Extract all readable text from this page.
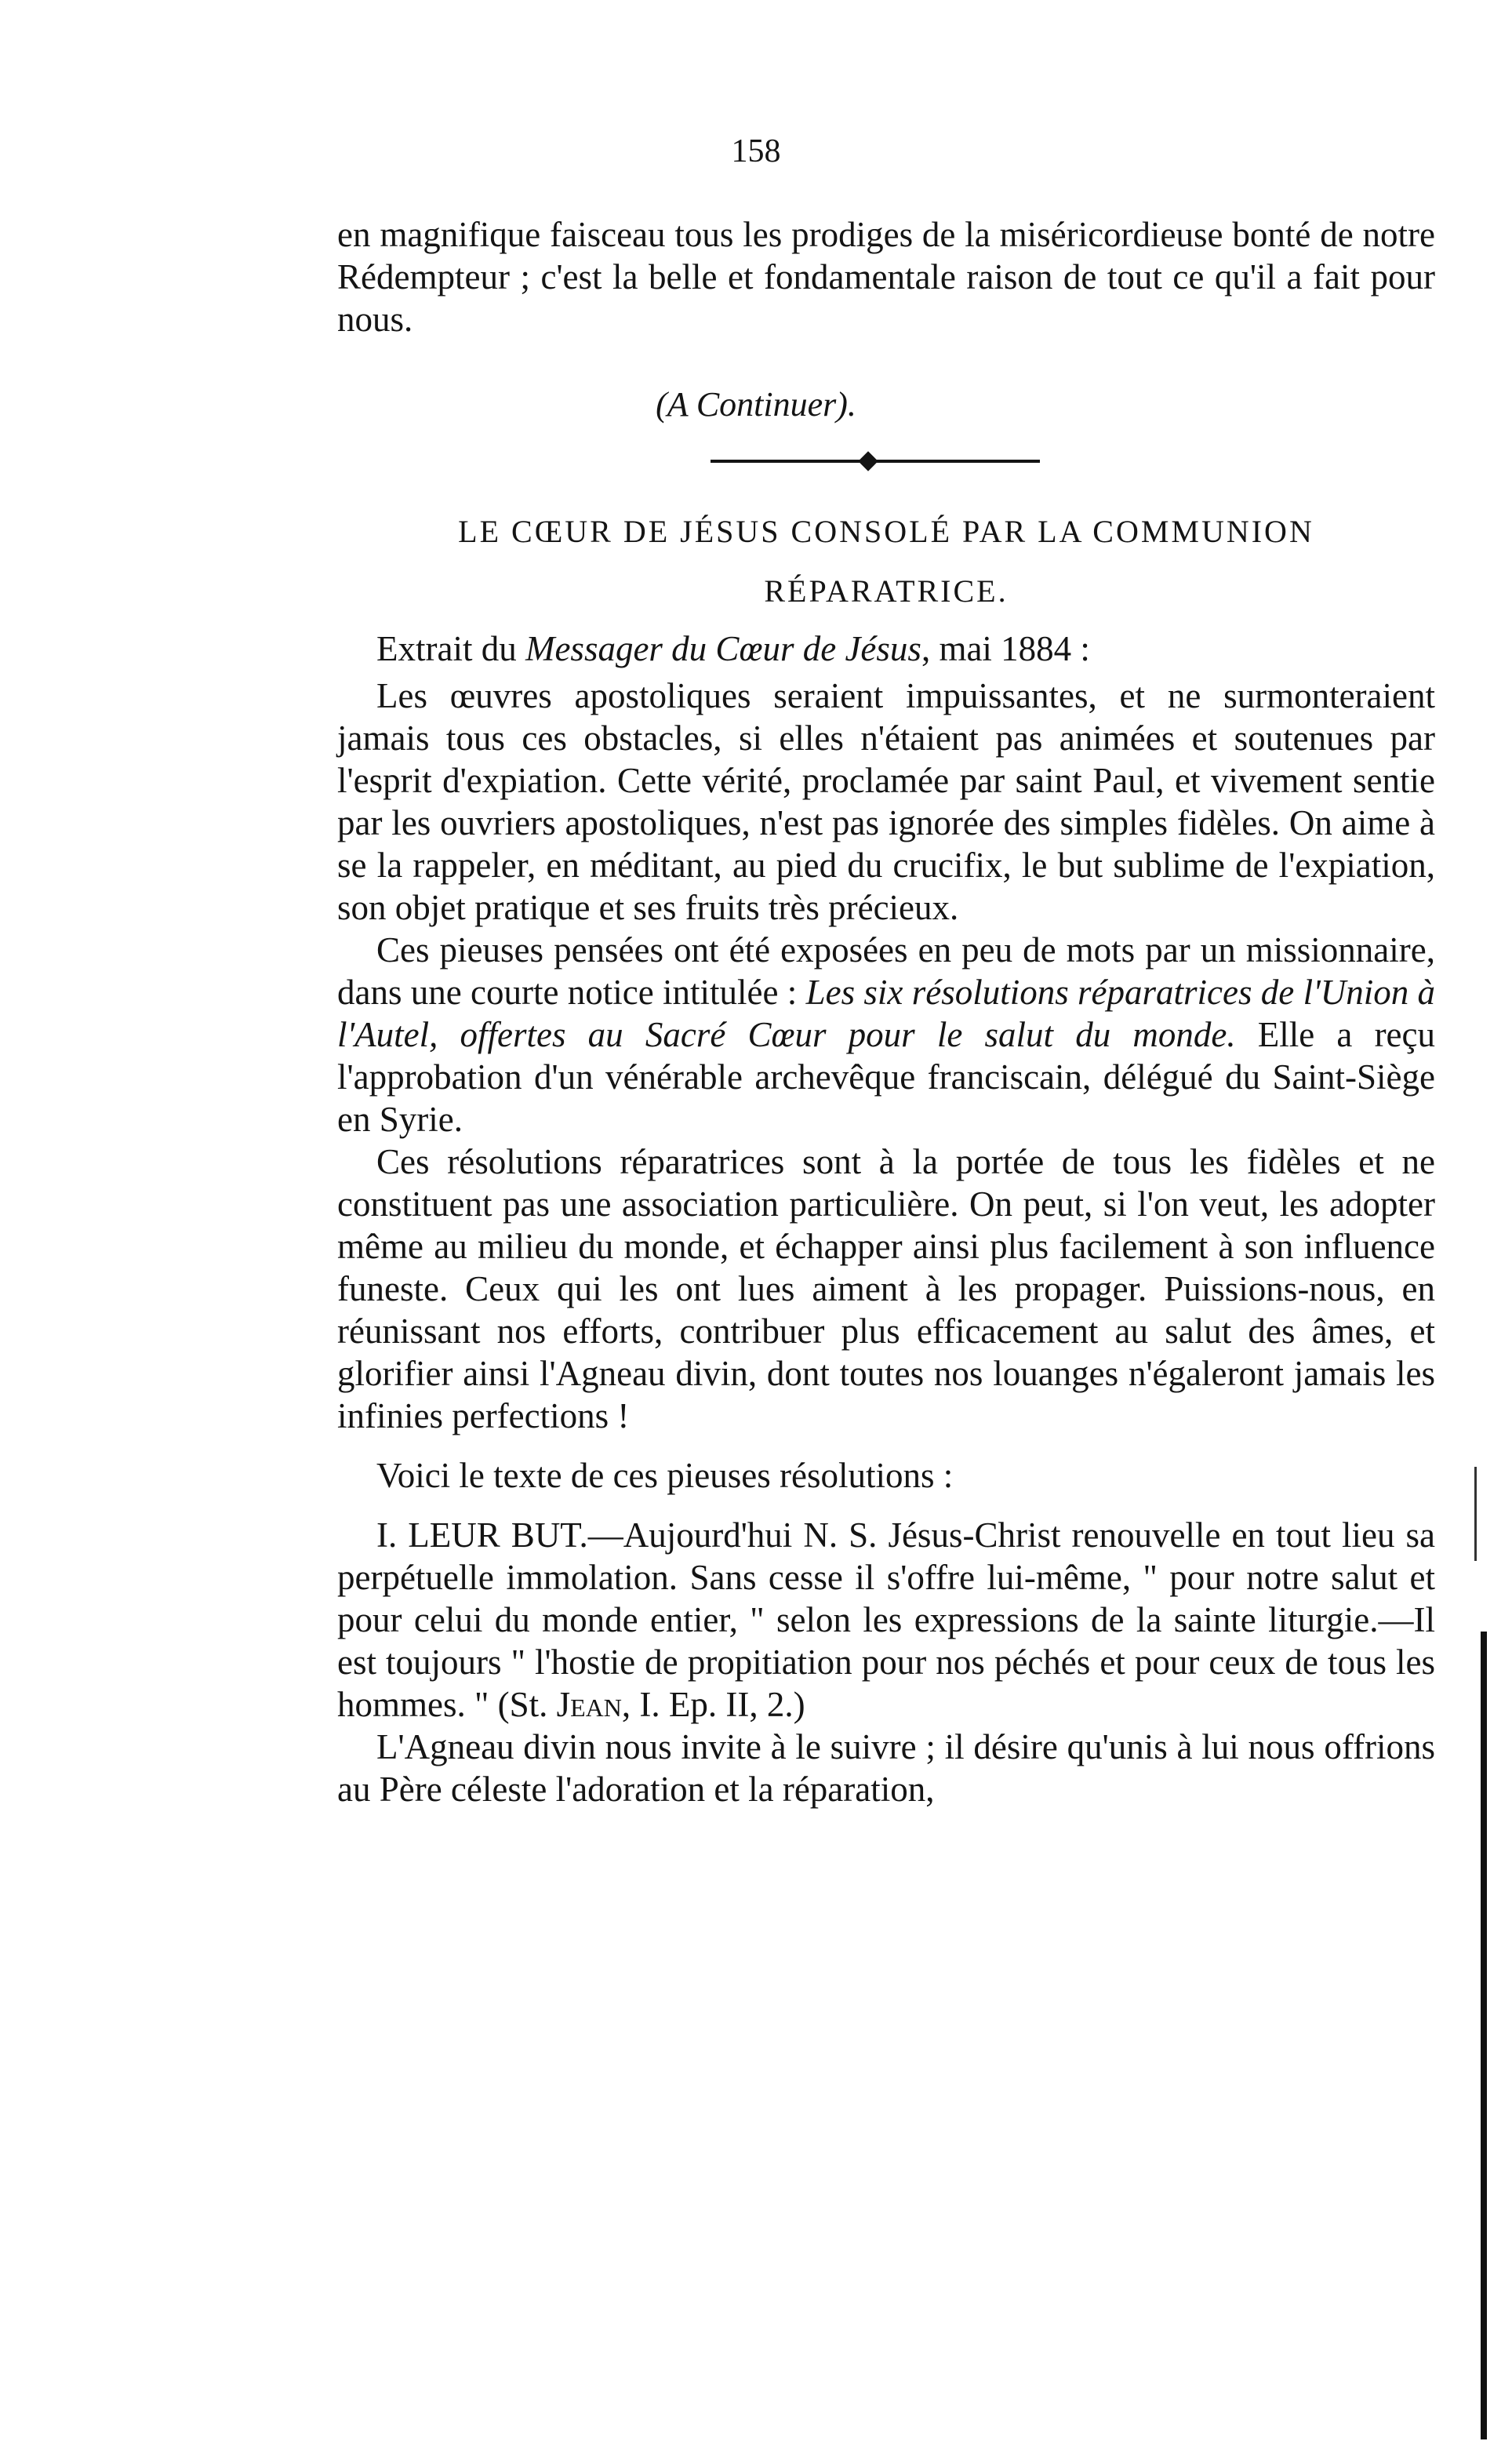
158

en magnifique faisceau tous les prodiges de la miséricordieuse bonté de notre Rédempteur ; c'est la belle et fondamentale raison de tout ce qu'il a fait pour nous.

(A Continuer).
LE CŒUR DE JÉSUS CONSOLÉ PAR LA COMMUNION
RÉPARATRICE.
Extrait du Messager du Cœur de Jésus, mai 1884 :

Les œuvres apostoliques seraient impuissantes, et ne surmonteraient jamais tous ces obstacles, si elles n'étaient pas animées et soutenues par l'esprit d'expiation. Cette vérité, proclamée par saint Paul, et vivement sentie par les ouvriers apostoliques, n'est pas ignorée des simples fidèles. On aime à se la rappeler, en méditant, au pied du crucifix, le but sublime de l'expiation, son objet pratique et ses fruits très précieux.

Ces pieuses pensées ont été exposées en peu de mots par un missionnaire, dans une courte notice intitulée : Les six résolutions réparatrices de l'Union à l'Autel, offertes au Sacré Cœur pour le salut du monde. Elle a reçu l'approbation d'un vénérable archevêque franciscain, délégué du Saint-Siège en Syrie.

Ces résolutions réparatrices sont à la portée de tous les fidèles et ne constituent pas une association particulière. On peut, si l'on veut, les adopter même au milieu du monde, et échapper ainsi plus facilement à son influence funeste. Ceux qui les ont lues aiment à les propager. Puissions-nous, en réunissant nos efforts, contribuer plus efficacement au salut des âmes, et glorifier ainsi l'Agneau divin, dont toutes nos louanges n'égaleront jamais les infinies perfections !

Voici le texte de ces pieuses résolutions :

I. LEUR BUT.—Aujourd'hui N. S. Jésus-Christ renouvelle en tout lieu sa perpétuelle immolation. Sans cesse il s'offre lui-même, " pour notre salut et pour celui du monde entier, " selon les expressions de la sainte liturgie.—Il est toujours " l'hostie de propitiation pour nos péchés et pour ceux de tous les hommes. " (St. Jean, I. Ep. II, 2.)

L'Agneau divin nous invite à le suivre ; il désire qu'unis à lui nous offrions au Père céleste l'adoration et la réparation,
